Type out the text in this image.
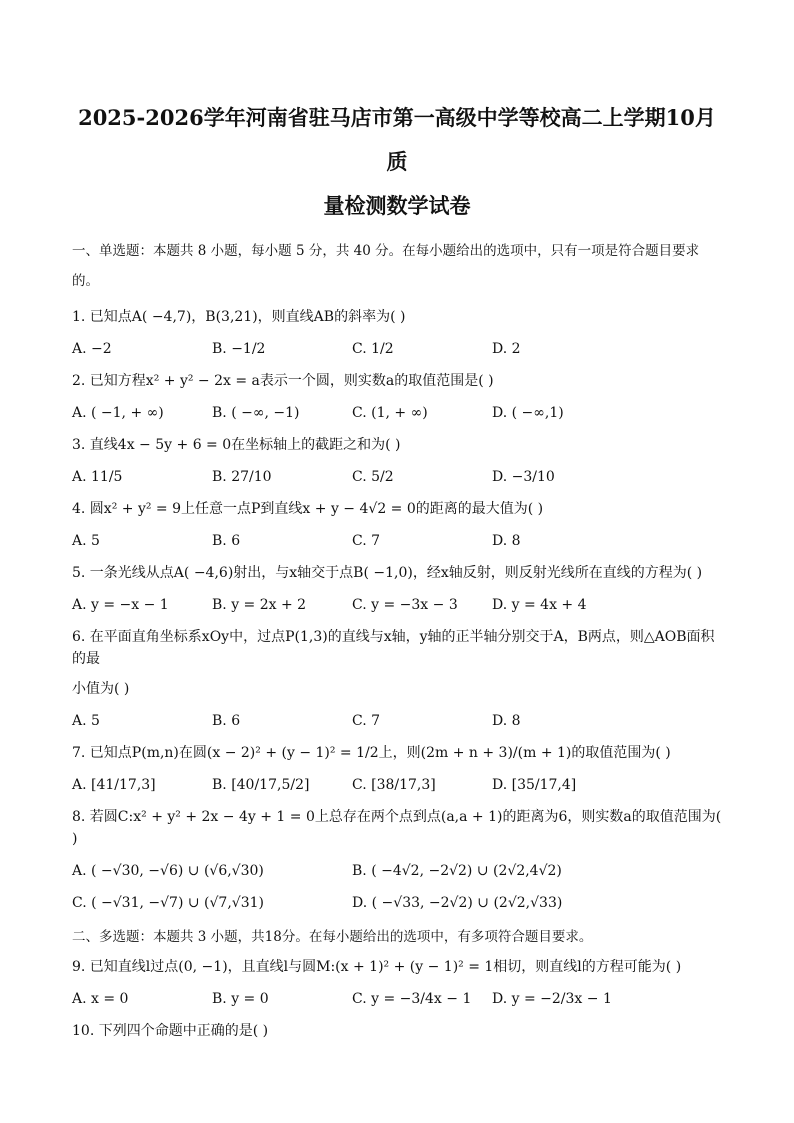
2025-2026学年河南省驻马店市第一高级中学等校高二上学期10月质
量检测数学试卷
一、单选题：本题共 8 小题，每小题 5 分，共 40 分。在每小题给出的选项中，只有一项是符合题目要求
的。
1. 已知点A( −4,7)，B(3,21)，则直线AB的斜率为( )
A. −2	B. −1/2	C. 1/2	D. 2
2. 已知方程x² + y² − 2x = a表示一个圆，则实数a的取值范围是( )
A. ( −1, + ∞)	B. ( −∞, −1)	C. (1, + ∞)	D. ( −∞,1)
3. 直线4x − 5y + 6 = 0在坐标轴上的截距之和为( )
A. 11/5	B. 27/10	C. 5/2	D. −3/10
4. 圆x² + y² = 9上任意一点P到直线x + y − 4√2 = 0的距离的最大值为( )
A. 5	B. 6	C. 7	D. 8
5. 一条光线从点A( −4,6)射出，与x轴交于点B( −1,0)，经x轴反射，则反射光线所在直线的方程为( )
A. y = −x − 1	B. y = 2x + 2	C. y = −3x − 3	D. y = 4x + 4
6. 在平面直角坐标系xOy中，过点P(1,3)的直线与x轴，y轴的正半轴分别交于A，B两点，则△AOB面积的最
小值为( )
A. 5	B. 6	C. 7	D. 8
7. 已知点P(m,n)在圆(x − 2)² + (y − 1)² = 1/2上，则(2m + n + 3)/(m + 1)的取值范围为( )
A. [41/17,3]	B. [40/17,5/2]	C. [38/17,3]	D. [35/17,4]
8. 若圆C:x² + y² + 2x − 4y + 1 = 0上总存在两个点到点(a,a + 1)的距离为6，则实数a的取值范围为( )
A. ( −√30, −√6) ∪ (√6,√30)	B. ( −4√2, −2√2) ∪ (2√2,4√2)
C. ( −√31, −√7) ∪ (√7,√31)	D. ( −√33, −2√2) ∪ (2√2,√33)
二、多选题：本题共 3 小题，共18分。在每小题给出的选项中，有多项符合题目要求。
9. 已知直线l过点(0, −1)，且直线l与圆M:(x + 1)² + (y − 1)² = 1相切，则直线l的方程可能为( )
A. x = 0	B. y = 0	C. y = −3/4x − 1	D. y = −2/3x − 1
10. 下列四个命题中正确的是( )
